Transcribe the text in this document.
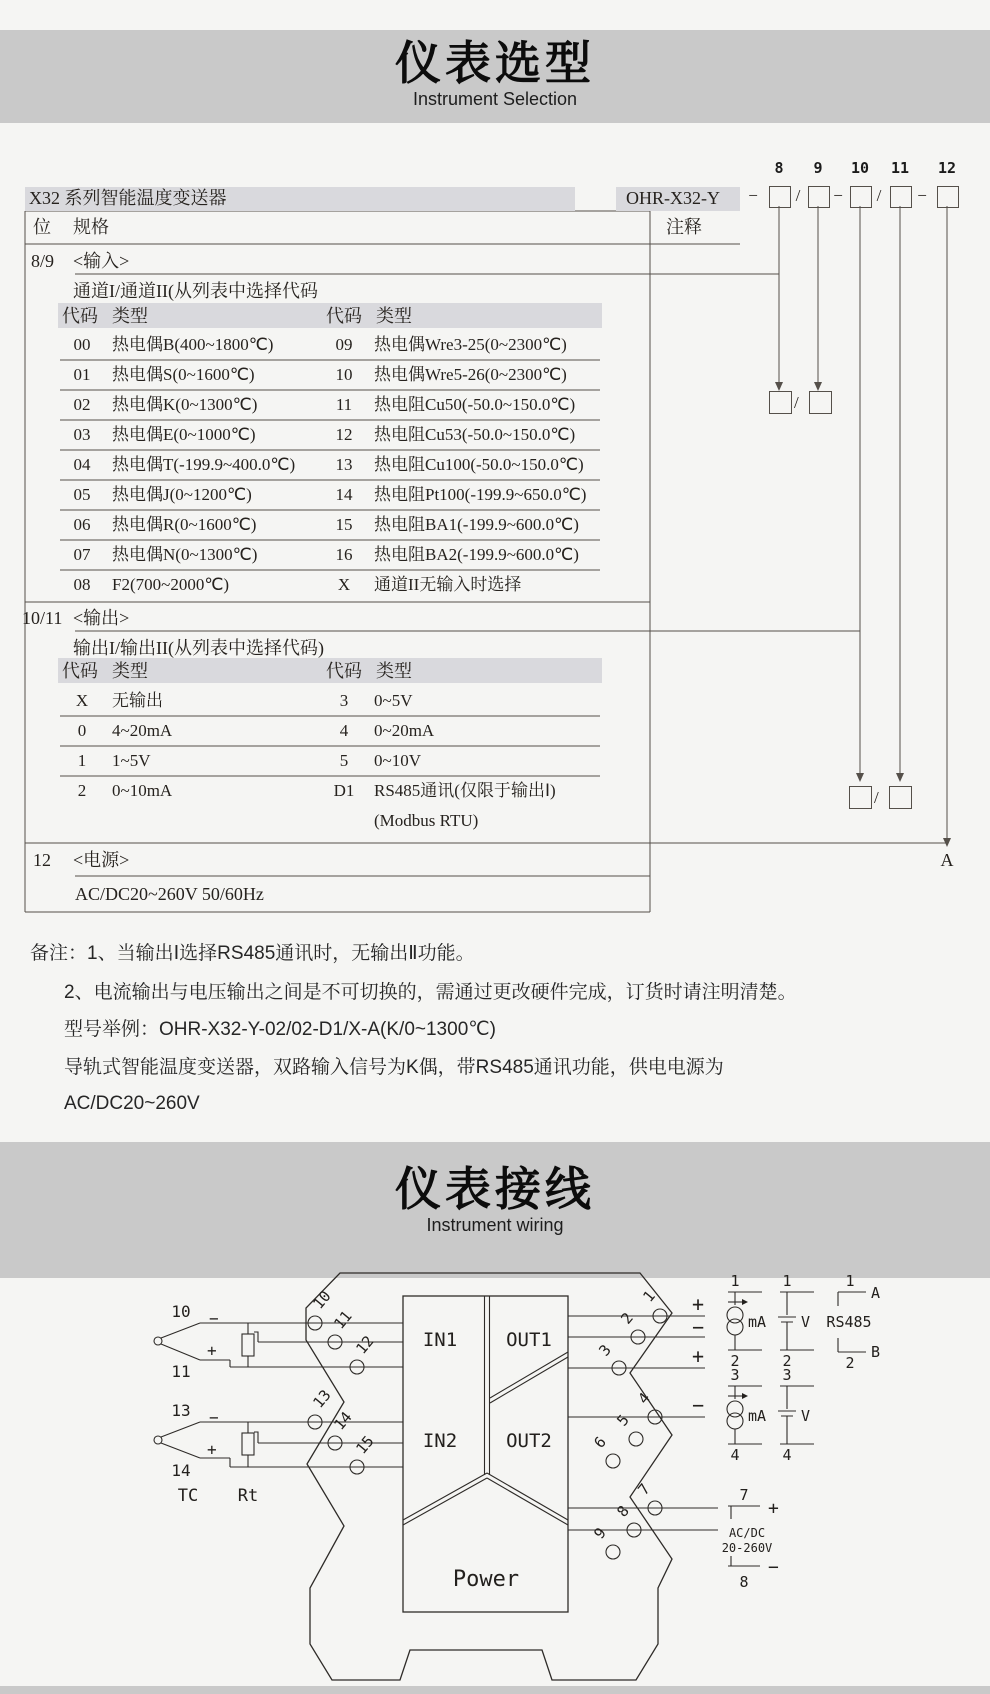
仪表选型
Instrument Selection
8	9	10 11 12
−	/	−	/	−
X32 系列智能温度变送器	OHR-X32-Y
位 规格	注释
8/9 <输入>
通道I/通道II(从列表中选择代码
代码 类型	代码 类型
00	热电偶B(400~1800℃)	09	热电偶Wre3-25(0~2300℃)
01	热电偶S(0~1600℃)	10	热电偶Wre5-26(0~2300℃)
02	热电偶K(0~1300℃)	11	热电阻Cu50(-50.0~150.0℃)
03	热电偶E(0~1000℃)	12	热电阻Cu53(-50.0~150.0℃)
04	热电偶T(-199.9~400.0℃)	13	热电阻Cu100(-50.0~150.0℃)
05	热电偶J(0~1200℃)	14	热电阻Pt100(-199.9~650.0℃)
06	热电偶R(0~1600℃)	15	热电阻BA1(-199.9~600.0℃)
07	热电偶N(0~1300℃)	16	热电阻BA2(-199.9~600.0℃)
08	F2(700~2000℃)	X	通道II无输入时选择
/
10/11 <输出>
输出I/输出II(从列表中选择代码)
代码 类型	代码 类型
X	无输出	3	0~5V
0	4~20mA	4	0~20mA
1	1~5V	5	0~10V
2	0~10mA	D1	RS485通讯(仅限于输出Ⅰ)
(Modbus RTU)
/
12 <电源>
AC/DC20~260V 50/60Hz
A
备注：1、当输出Ⅰ选择RS485通讯时，无输出Ⅱ功能。
2、电流输出与电压输出之间是不可切换的，需通过更改硬件完成，订货时请注明清楚。
型号举例：OHR-X32-Y-02/02-D1/X-A(K/0~1300℃)
导轨式智能温度变送器，双路输入信号为K偶，带RS485通讯功能，供电电源为
AC/DC20~260V
仪表接线
Instrument wiring
10 −
+
11
13 −
+
14
TC Rt
IN1	OUT1
IN2	OUT2
Power
10
11
12
13
14
15
1
2
3
4
5
6
7
8
9
+
−
+
−
1
mA
2
1
V
2
1
A
RS485
B
2
3
mA
4
3
V
4
7
+
AC/DC
20-260V
−
8
